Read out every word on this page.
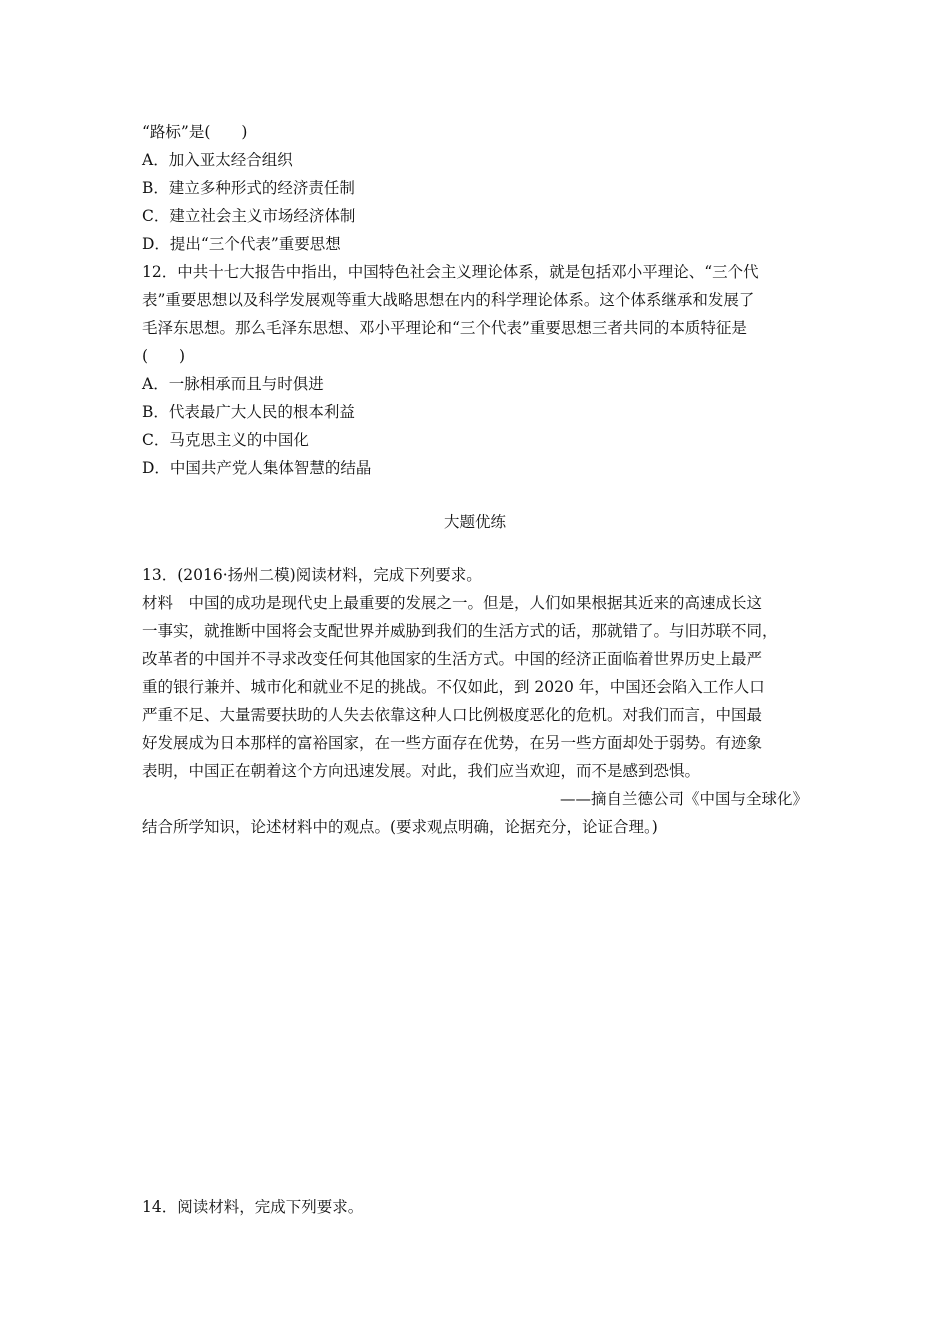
“路标”是(　　)
A．加入亚太经合组织
B．建立多种形式的经济责任制
C．建立社会主义市场经济体制
D．提出“三个代表”重要思想
12．中共十七大报告中指出，中国特色社会主义理论体系，就是包括邓小平理论、“三个代
表”重要思想以及科学发展观等重大战略思想在内的科学理论体系。这个体系继承和发展了
毛泽东思想。那么毛泽东思想、邓小平理论和“三个代表”重要思想三者共同的本质特征是
(　　)
A．一脉相承而且与时俱进
B．代表最广大人民的根本利益
C．马克思主义的中国化
D．中国共产党人集体智慧的结晶
大题优练
13．(2016·扬州二模)阅读材料，完成下列要求。
材料　中国的成功是现代史上最重要的发展之一。但是，人们如果根据其近来的高速成长这
一事实，就推断中国将会支配世界并威胁到我们的生活方式的话，那就错了。与旧苏联不同，
改革者的中国并不寻求改变任何其他国家的生活方式。中国的经济正面临着世界历史上最严
重的银行兼并、城市化和就业不足的挑战。不仅如此，到 2020 年，中国还会陷入工作人口
严重不足、大量需要扶助的人失去依靠这种人口比例极度恶化的危机。对我们而言，中国最
好发展成为日本那样的富裕国家，在一些方面存在优势，在另一些方面却处于弱势。有迹象
表明，中国正在朝着这个方向迅速发展。对此，我们应当欢迎，而不是感到恐惧。
——摘自兰德公司《中国与全球化》
结合所学知识，论述材料中的观点。(要求观点明确，论据充分，论证合理。)
14．阅读材料，完成下列要求。
